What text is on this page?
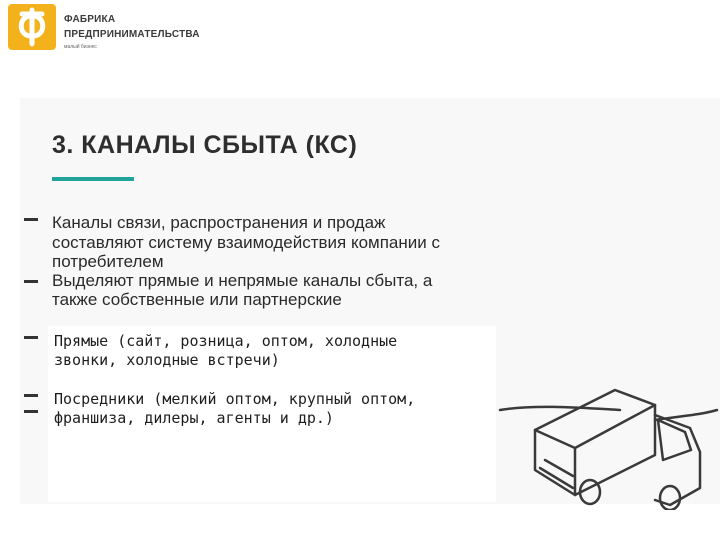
ФАБРИКА
ПРЕДПРИНИМАТЕЛЬСТВА
малый бизнес
3. КАНАЛЫ СБЫТА (КС)
Каналы связи, распространения и продаж
составляют систему взаимодействия компании с
потребителем
Выделяют прямые и непрямые каналы сбыта, а
также собственные или партнерские
Прямые (сайт, розница, оптом, холодные
звонки, холодные встречи)
Посредники (мелкий оптом, крупный оптом,
франшиза, дилеры, агенты и др.)
